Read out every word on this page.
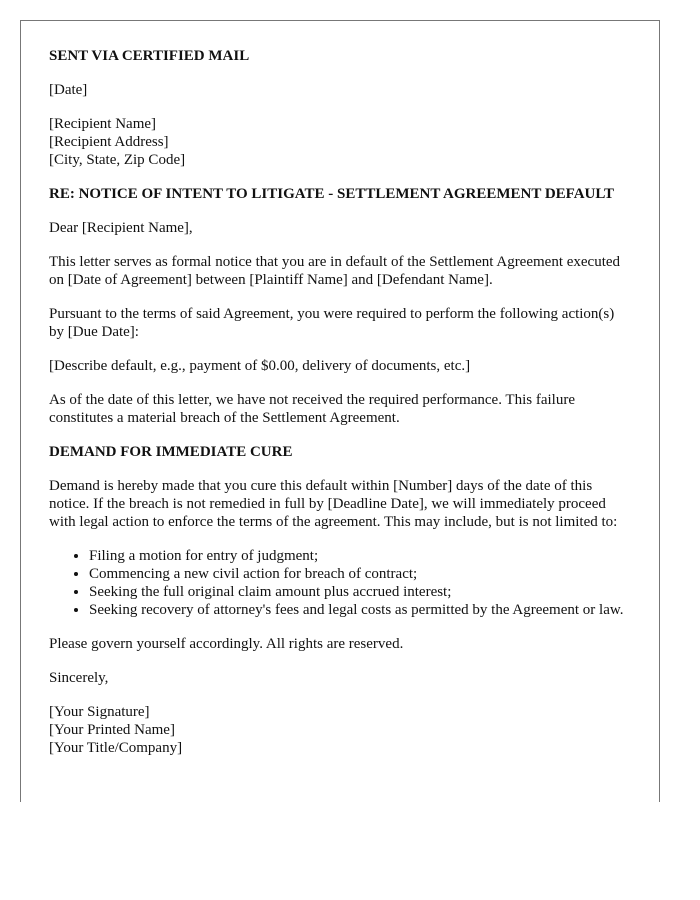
SENT VIA CERTIFIED MAIL

[Date]

[Recipient Name]
[Recipient Address]
[City, State, Zip Code]

RE: NOTICE OF INTENT TO LITIGATE - SETTLEMENT AGREEMENT DEFAULT

Dear [Recipient Name],

This letter serves as formal notice that you are in default of the Settlement Agreement executed on [Date of Agreement] between [Plaintiff Name] and [Defendant Name].

Pursuant to the terms of said Agreement, you were required to perform the following action(s) by [Due Date]:

[Describe default, e.g., payment of $0.00, delivery of documents, etc.]

As of the date of this letter, we have not received the required performance. This failure constitutes a material breach of the Settlement Agreement.

DEMAND FOR IMMEDIATE CURE

Demand is hereby made that you cure this default within [Number] days of the date of this notice. If the breach is not remedied in full by [Deadline Date], we will immediately proceed with legal action to enforce the terms of the agreement. This may include, but is not limited to:

• Filing a motion for entry of judgment;
• Commencing a new civil action for breach of contract;
• Seeking the full original claim amount plus accrued interest;
• Seeking recovery of attorney's fees and legal costs as permitted by the Agreement or law.

Please govern yourself accordingly. All rights are reserved.

Sincerely,

[Your Signature]
[Your Printed Name]
[Your Title/Company]
